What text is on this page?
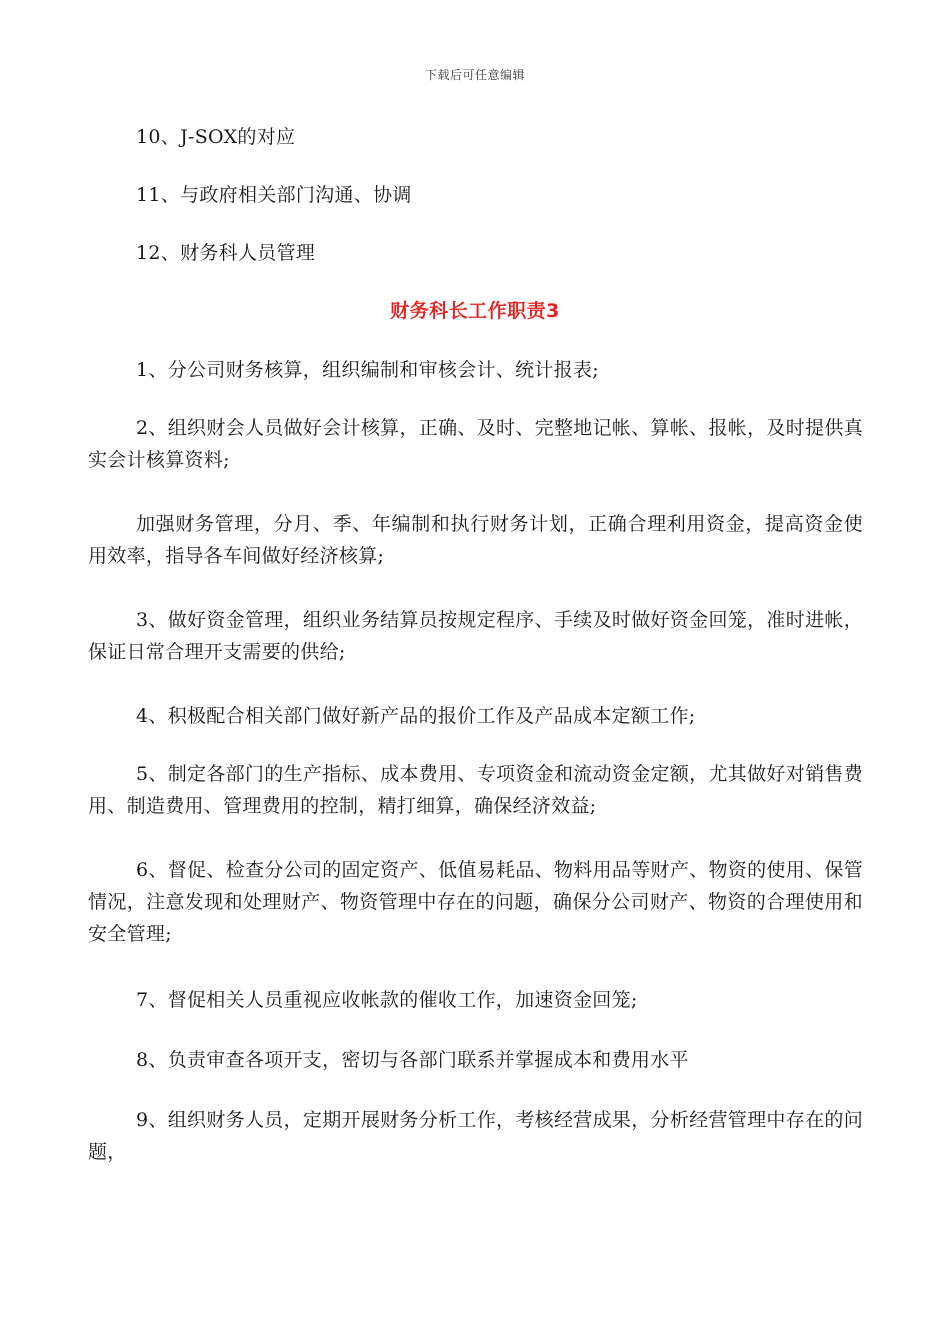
下载后可任意编辑
10、J-SOX的对应
11、与政府相关部门沟通、协调
12、财务科人员管理
财务科长工作职责3
1、分公司财务核算，组织编制和审核会计、统计报表;
2、组织财会人员做好会计核算，正确、及时、完整地记帐、算帐、报帐，及时提供真实会计核算资料;
加强财务管理，分月、季、年编制和执行财务计划，正确合理利用资金，提高资金使用效率，指导各车间做好经济核算;
3、做好资金管理，组织业务结算员按规定程序、手续及时做好资金回笼，准时进帐，保证日常合理开支需要的供给;
4、积极配合相关部门做好新产品的报价工作及产品成本定额工作;
5、制定各部门的生产指标、成本费用、专项资金和流动资金定额，尤其做好对销售费用、制造费用、管理费用的控制，精打细算，确保经济效益;
6、督促、检查分公司的固定资产、低值易耗品、物料用品等财产、物资的使用、保管情况，注意发现和处理财产、物资管理中存在的问题，确保分公司财产、物资的合理使用和安全管理;
7、督促相关人员重视应收帐款的催收工作，加速资金回笼;
8、负责审查各项开支，密切与各部门联系并掌握成本和费用水平
9、组织财务人员，定期开展财务分析工作，考核经营成果，分析经营管理中存在的问题，
